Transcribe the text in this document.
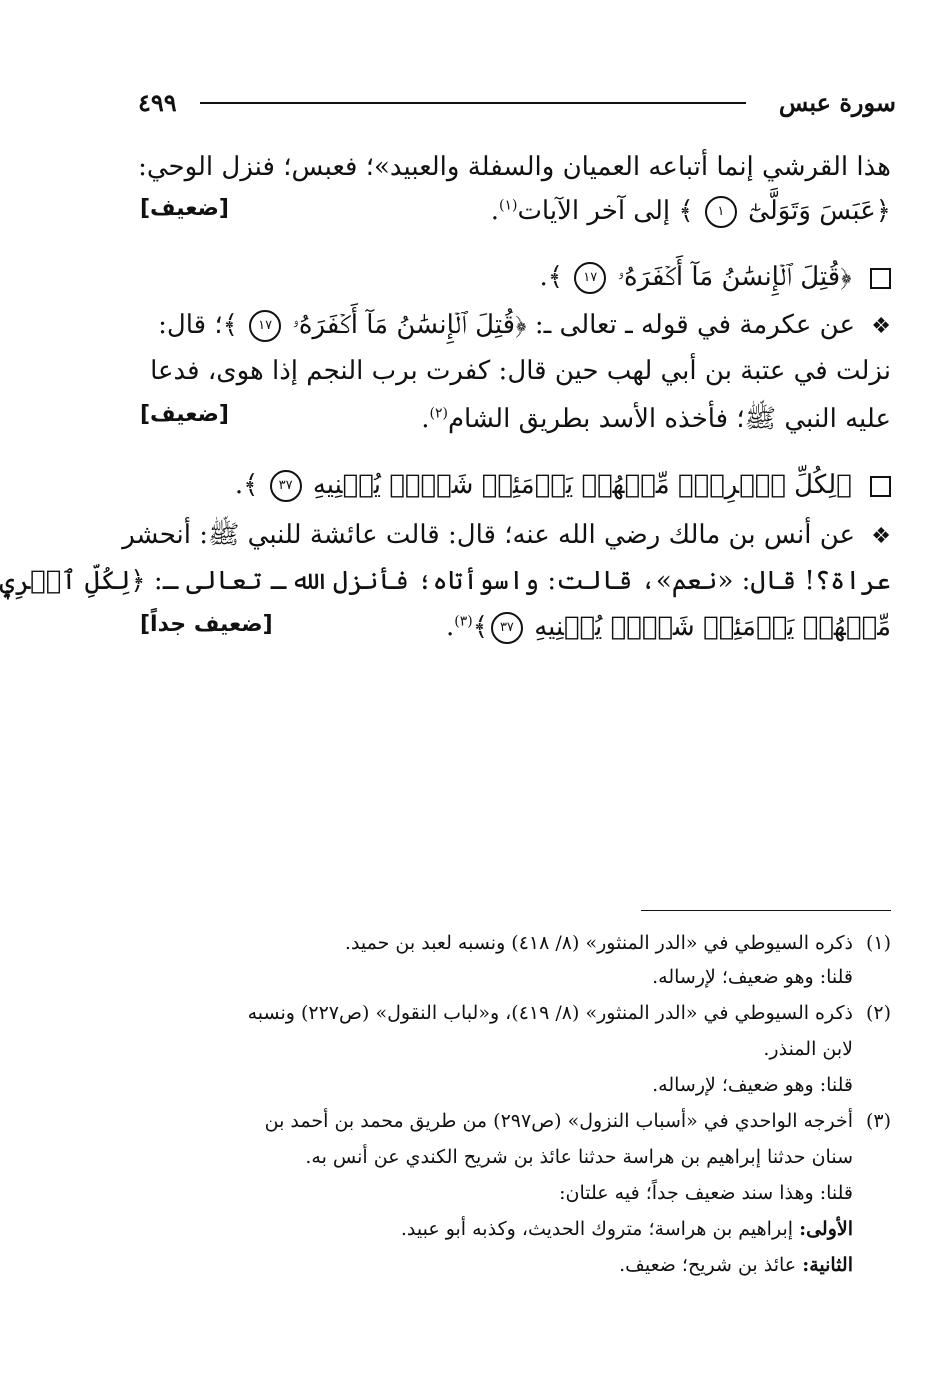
سورة عبس
٤٩٩
هذا القرشي إنما أتباعه العميان والسفلة والعبيد»؛ فعبس؛ فنزل الوحي:
﴿عَبَسَ وَتَوَلَّىٰٓ ١ ﴾ إلى آخر الآيات$^{(١)}$.
[ضعيف]
﴿قُتِلَ ٱلۡإِنسَٰنُ مَآ أَكۡفَرَهُۥ ١٧ ﴾.
❖ عن عكرمة في قوله ـ تعالى ـ: ﴿قُتِلَ ٱلۡإِنسَٰنُ مَآ أَكۡفَرَهُۥ ١٧ ﴾؛ قال:
نزلت في عتبة بن أبي لهب حين قال: كفرت برب النجم إذا هوى، فدعا
عليه النبي ﷺ؛ فأخذه الأسد بطريق الشام$^{(٢)}$.
[ضعيف]
﴿لِكُلِّ ٱمۡرِيٕٖ مِّنۡهُمۡ يَوۡمَئِذٖ شَأۡنٞ يُغۡنِيهِ ٣٧ ﴾.
❖ عن أنس بن مالك رضي الله عنه؛ قال: قالت عائشة للنبي ﷺ: أنحشر
عراة؟! قال: «نعم»، قالت: واسوأتاه؛ فأنزل الله ـ تعالى ـ: ﴿لِكُلِّ ٱمۡرِيٕٖ
مِّنۡهُمۡ يَوۡمَئِذٖ شَأۡنٞ يُغۡنِيهِ ٣٧﴾$^{(٣)}$.
[ضعيف جداً]
(١)ذكره السيوطي في «الدر المنثور» (٨/ ٤١٨) ونسبه لعبد بن حميد.
قلنا: وهو ضعيف؛ لإرساله.
(٢)ذكره السيوطي في «الدر المنثور» (٨/ ٤١٩)، و«لباب النقول» (ص٢٢٧) ونسبه
لابن المنذر.
قلنا: وهو ضعيف؛ لإرساله.
(٣)أخرجه الواحدي في «أسباب النزول» (ص٢٩٧) من طريق محمد بن أحمد بن
سنان حدثنا إبراهيم بن هراسة حدثنا عائذ بن شريح الكندي عن أنس به.
قلنا: وهذا سند ضعيف جداً؛ فيه علتان:
الأولى: إبراهيم بن هراسة؛ متروك الحديث، وكذبه أبو عبيد.
الثانية: عائذ بن شريح؛ ضعيف.
